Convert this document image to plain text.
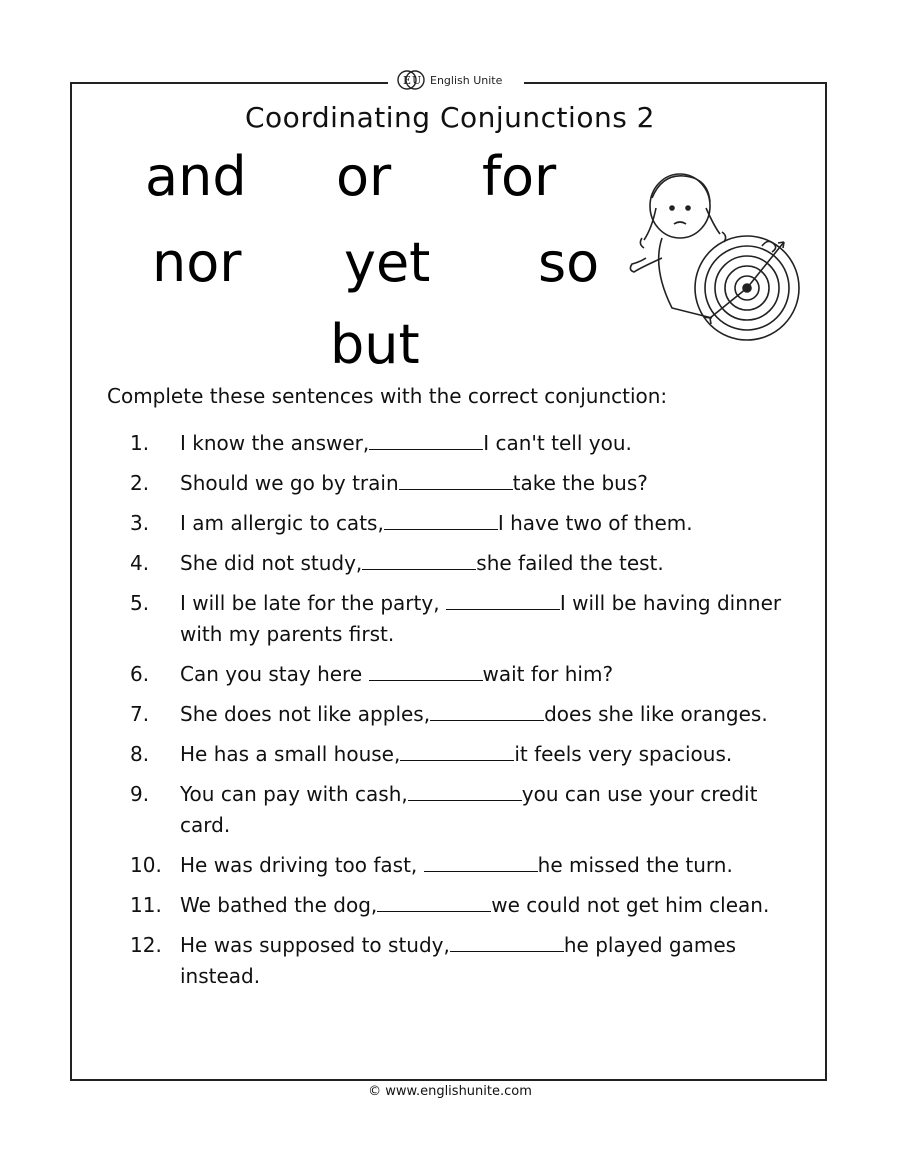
E U English Unite
Coordinating Conjunctions 2
and or for
nor yet so
but
Complete these sentences with the correct conjunction:
1.	I know the answer,	I can't tell you.
2.	Should we go by train	take the bus?
3.	I am allergic to cats,	I have two of them.
4.	She did not study,	she failed the test.
5.	I will be late for the party,	I will be having dinner with my parents first.
6.	Can you stay here	wait for him?
7.	She does not like apples,	does she like oranges.
8.	He has a small house,	it feels very spacious.
9.	You can pay with cash,	you can use your credit card.
10. He was driving too fast,	he missed the turn.
11. We bathed the dog,	we could not get him clean.
12. He was supposed to study,	he played games instead.
© www.englishunite.com
